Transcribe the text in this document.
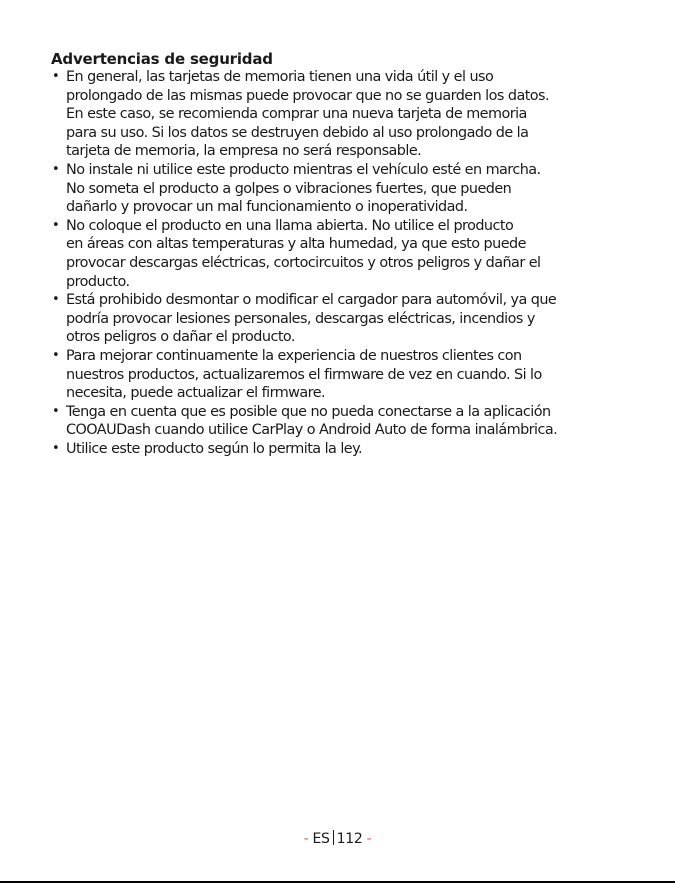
Advertencias de seguridad
• En general, las tarjetas de memoria tienen una vida útil y el uso
prolongado de las mismas puede provocar que no se guarden los datos.
En este caso, se recomienda comprar una nueva tarjeta de memoria
para su uso. Si los datos se destruyen debido al uso prolongado de la
tarjeta de memoria, la empresa no será responsable.
• No instale ni utilice este producto mientras el vehículo esté en marcha.
No someta el producto a golpes o vibraciones fuertes, que pueden
dañarlo y provocar un mal funcionamiento o inoperatividad.
• No coloque el producto en una llama abierta. No utilice el producto
en áreas con altas temperaturas y alta humedad, ya que esto puede
provocar descargas eléctricas, cortocircuitos y otros peligros y dañar el
producto.
• Está prohibido desmontar o modificar el cargador para automóvil, ya que
podría provocar lesiones personales, descargas eléctricas, incendios y
otros peligros o dañar el producto.
• Para mejorar continuamente la experiencia de nuestros clientes con
nuestros productos, actualizaremos el firmware de vez en cuando. Si lo
necesita, puede actualizar el firmware.
• Tenga en cuenta que es posible que no pueda conectarse a la aplicación
COOAUDash cuando utilice CarPlay o Android Auto de forma inalámbrica.
• Utilice este producto según lo permita la ley.
- ES 112 -
